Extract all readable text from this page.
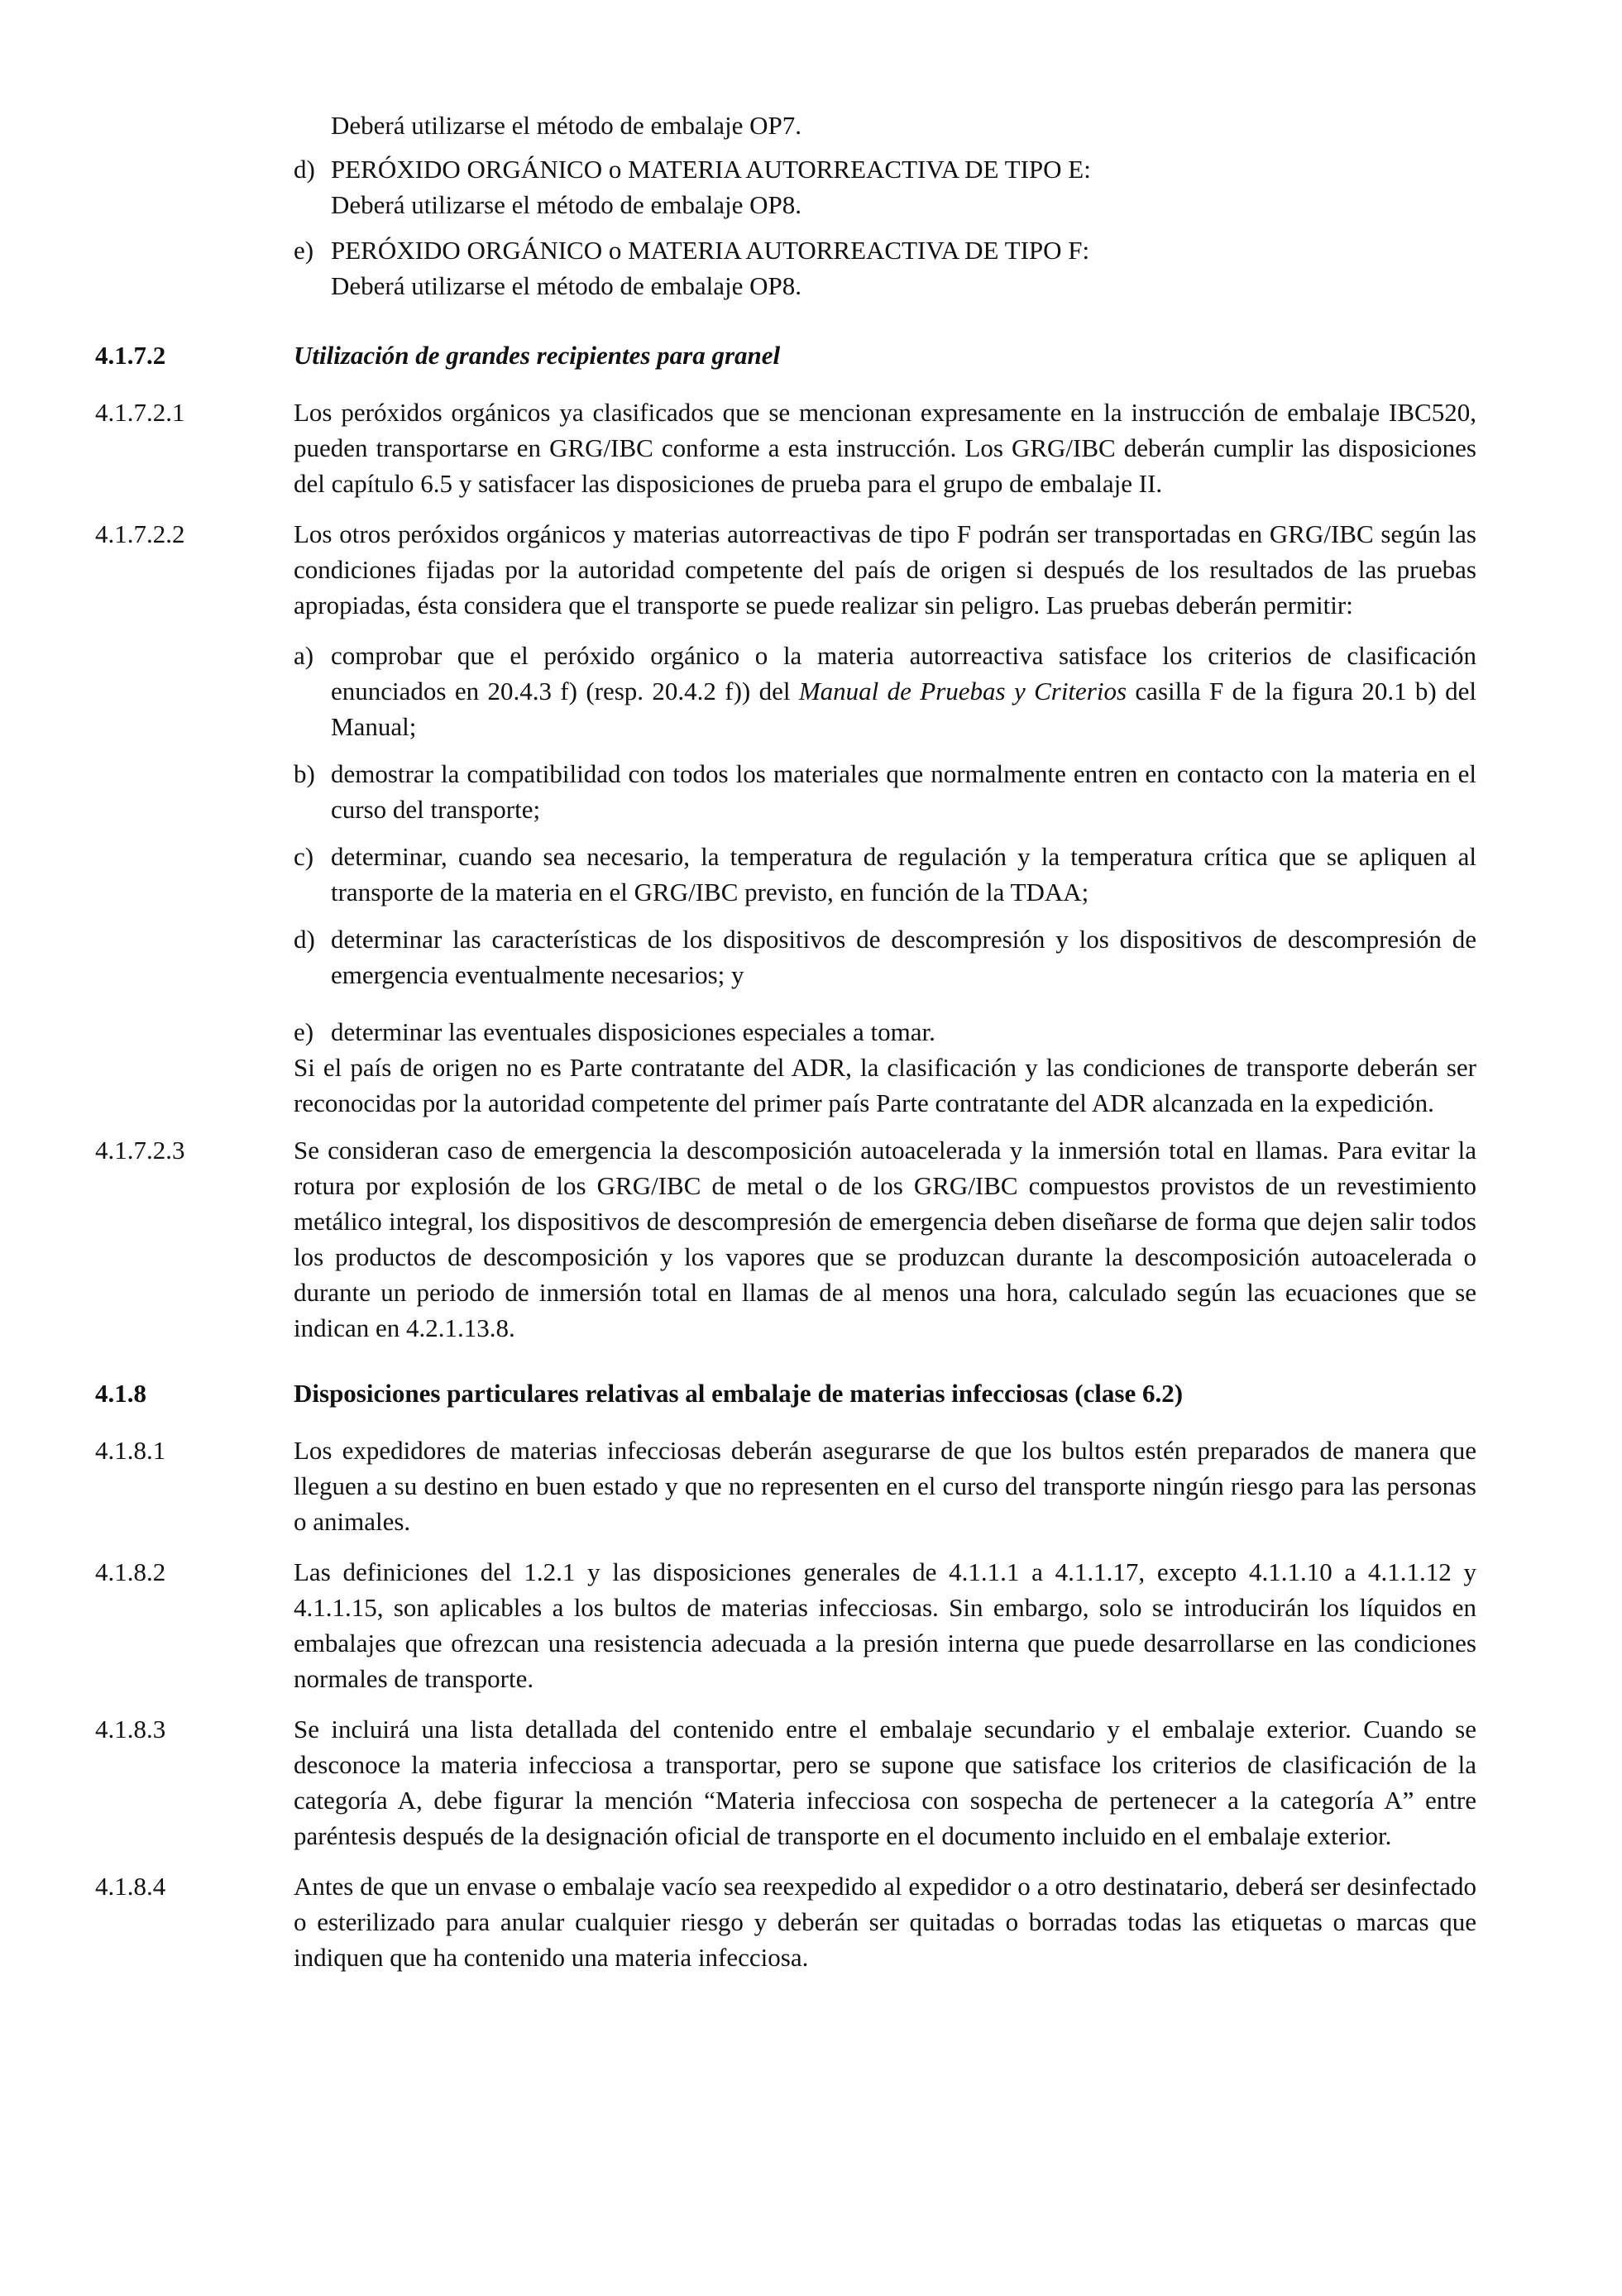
Deberá utilizarse el método de embalaje OP7.
d) PERÓXIDO ORGÁNICO o MATERIA AUTORREACTIVA DE TIPO E:
Deberá utilizarse el método de embalaje OP8.
e) PERÓXIDO ORGÁNICO o MATERIA AUTORREACTIVA DE TIPO F:
Deberá utilizarse el método de embalaje OP8.
4.1.7.2	Utilización de grandes recipientes para granel
4.1.7.2.1	Los peróxidos orgánicos ya clasificados que se mencionan expresamente en la instrucción de embalaje IBC520, pueden transportarse en GRG/IBC conforme a esta instrucción. Los GRG/IBC deberán cumplir las disposiciones del capítulo 6.5 y satisfacer las disposiciones de prueba para el grupo de embalaje II.

4.1.7.2.2	Los otros peróxidos orgánicos y materias autorreactivas de tipo F podrán ser transportadas en GRG/IBC según las condiciones fijadas por la autoridad competente del país de origen si después de los resultados de las pruebas apropiadas, ésta considera que el transporte se puede realizar sin peligro. Las pruebas deberán permitir:

a) comprobar que el peróxido orgánico o la materia autorreactiva satisface los criterios de clasificación enunciados en 20.4.3 f) (resp. 20.4.2 f)) del Manual de Pruebas y Criterios casilla F de la figura 20.1 b) del Manual;
b) demostrar la compatibilidad con todos los materiales que normalmente entren en contacto con la materia en el curso del transporte;
c) determinar, cuando sea necesario, la temperatura de regulación y la temperatura crítica que se apliquen al transporte de la materia en el GRG/IBC previsto, en función de la TDAA;
d) determinar las características de los dispositivos de descompresión y los dispositivos de descompresión de emergencia eventualmente necesarios; y
e) determinar las eventuales disposiciones especiales a tomar.

Si el país de origen no es Parte contratante del ADR, la clasificación y las condiciones de transporte deberán ser reconocidas por la autoridad competente del primer país Parte contratante del ADR alcanzada en la expedición.

4.1.7.2.3	Se consideran caso de emergencia la descomposición autoacelerada y la inmersión total en llamas. Para evitar la rotura por explosión de los GRG/IBC de metal o de los GRG/IBC compuestos provistos de un revestimiento metálico integral, los dispositivos de descompresión de emergencia deben diseñarse de forma que dejen salir todos los productos de descomposición y los vapores que se produzcan durante la descomposición autoacelerada o durante un periodo de inmersión total en llamas de al menos una hora, calculado según las ecuaciones que se indican en 4.2.1.13.8.

4.1.8	Disposiciones particulares relativas al embalaje de materias infecciosas (clase 6.2)
4.1.8.1	Los expedidores de materias infecciosas deberán asegurarse de que los bultos estén preparados de manera que lleguen a su destino en buen estado y que no representen en el curso del transporte ningún riesgo para las personas o animales.

4.1.8.2	Las definiciones del 1.2.1 y las disposiciones generales de 4.1.1.1 a 4.1.1.17, excepto 4.1.1.10 a 4.1.1.12 y 4.1.1.15, son aplicables a los bultos de materias infecciosas. Sin embargo, solo se introducirán los líquidos en embalajes que ofrezcan una resistencia adecuada a la presión interna que puede desarrollarse en las condiciones normales de transporte.

4.1.8.3	Se incluirá una lista detallada del contenido entre el embalaje secundario y el embalaje exterior. Cuando se desconoce la materia infecciosa a transportar, pero se supone que satisface los criterios de clasificación de la categoría A, debe figurar la mención “Materia infecciosa con sospecha de pertenecer a la categoría A” entre paréntesis después de la designación oficial de transporte en el documento incluido en el embalaje exterior.

4.1.8.4	Antes de que un envase o embalaje vacío sea reexpedido al expedidor o a otro destinatario, deberá ser desinfectado o esterilizado para anular cualquier riesgo y deberán ser quitadas o borradas todas las etiquetas o marcas que indiquen que ha contenido una materia infecciosa.
